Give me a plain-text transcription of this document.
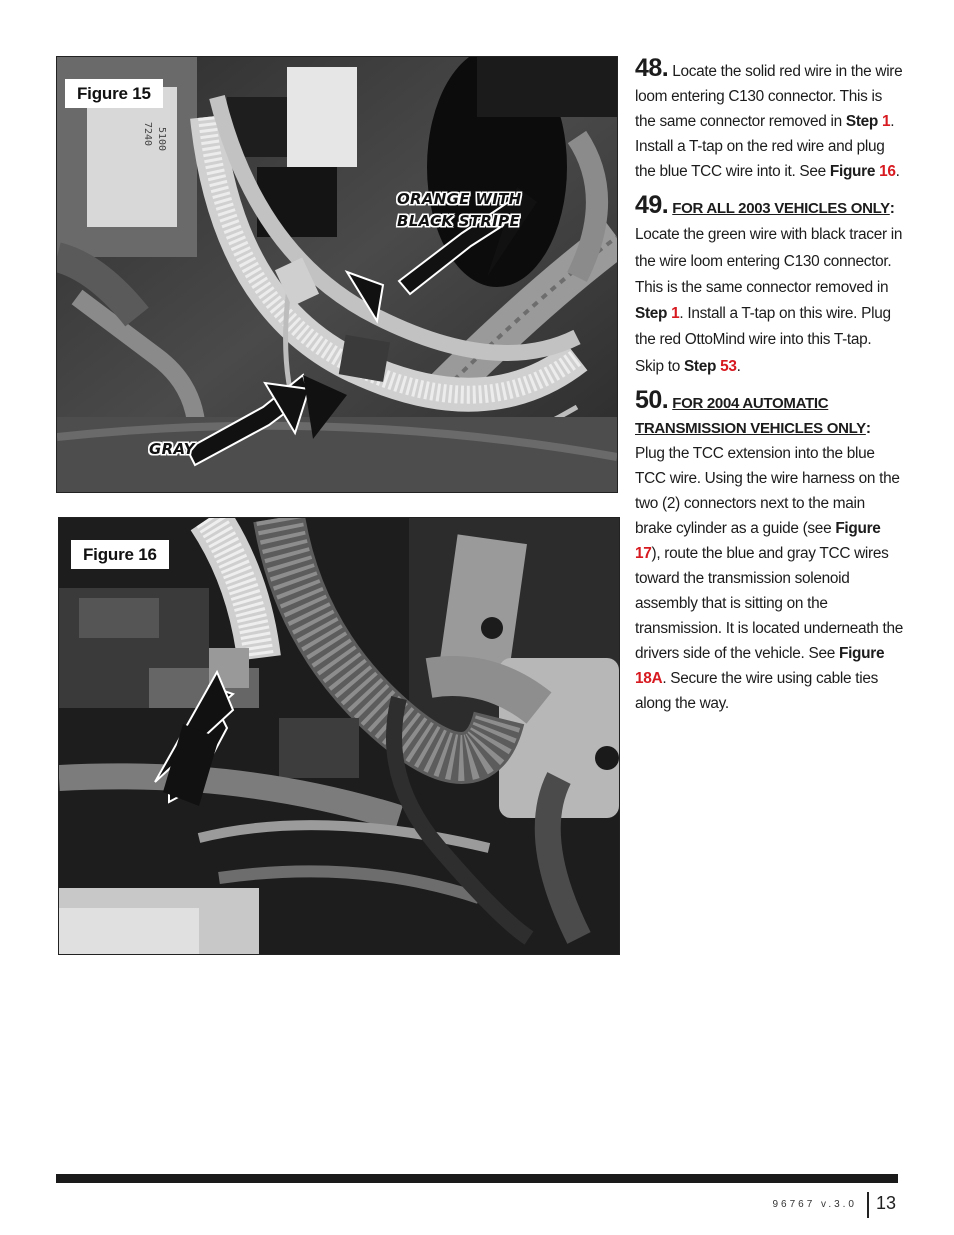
Figure 15
ORANGE WITH
BLACK STRIPE
GRAY
7240 5100
Figure 16
48. Locate the solid red wire in the wire loom entering C130 connector. This is the same connector removed in Step 1. Install a T-tap on the red wire and plug the blue TCC wire into it. See Figure 16.
49. FOR ALL 2003 VEHICLES ONLY: Locate the green wire with black tracer in the wire loom entering C130 connector. This is the same connector removed in Step 1. Install a T-tap on this wire. Plug the red OttoMind wire into this T-tap. Skip to Step 53.
50. FOR 2004 AUTOMATIC TRANSMISSION VEHICLES ONLY: Plug the TCC extension into the blue TCC wire. Using the wire harness on the two (2) connectors next to the main brake cylinder as a guide (see Figure 17), route the blue and gray TCC wires toward the transmission solenoid assembly that is sitting on the transmission. It is located underneath the drivers side of the vehicle. See Figure 18A. Secure the wire using cable ties along the way.
96767 v.3.0 13
